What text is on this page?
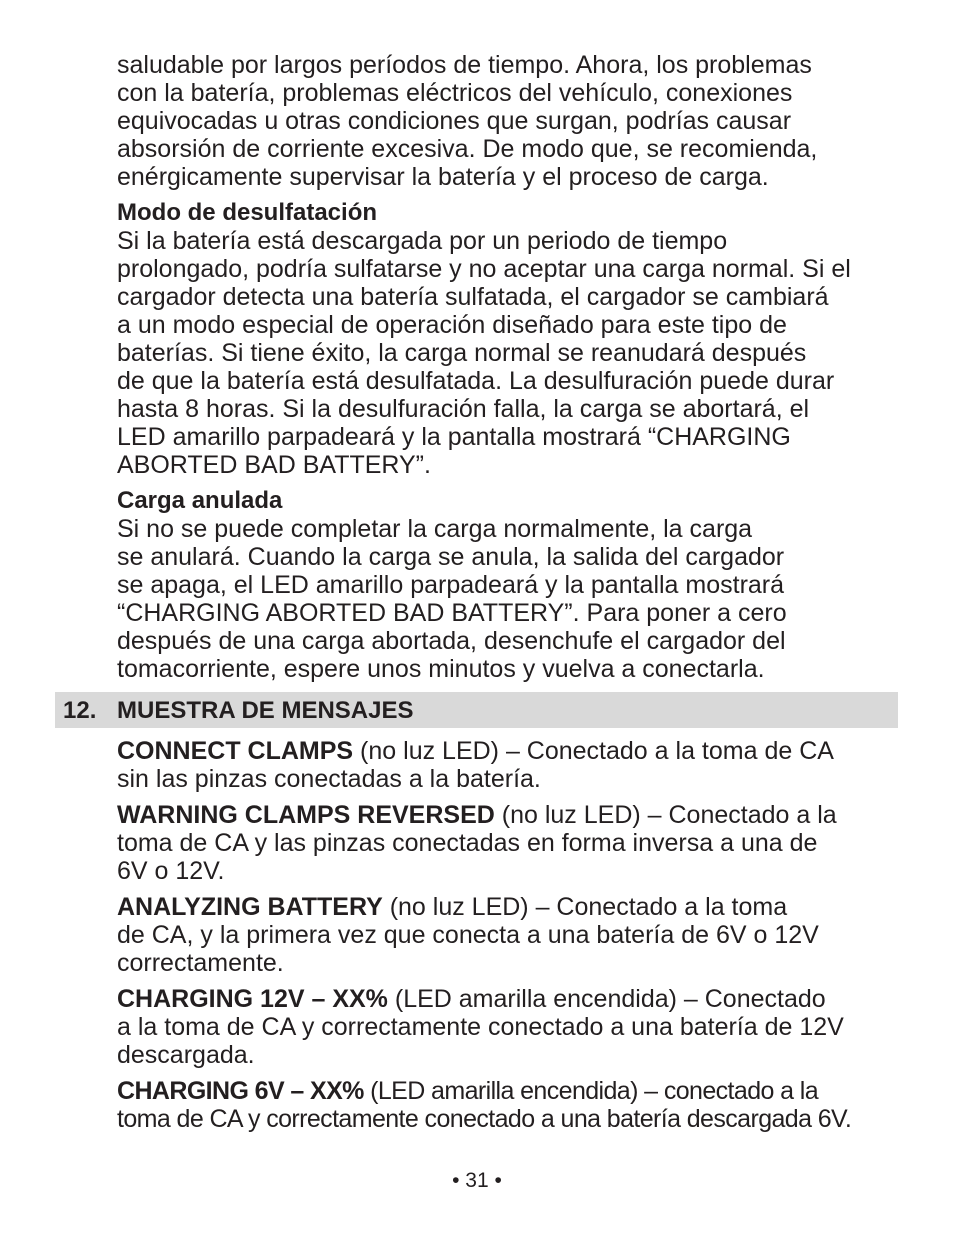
saludable por largos períodos de tiempo. Ahora, los problemas

con la batería, problemas eléctricos del vehículo, conexiones

equivocadas u otras condiciones que surgan, podrías causar

absorsión de corriente excesiva. De modo que, se recomienda,

enérgicamente supervisar la batería y el proceso de carga.

Modo de desulfatación

Si la batería está descargada por un periodo de tiempo

prolongado, podría sulfatarse y no aceptar una carga normal. Si el

cargador detecta una batería sulfatada, el cargador se cambiará

a un modo especial de operación diseñado para este tipo de

baterías. Si tiene éxito, la carga normal se reanudará después

de que la batería está desulfatada. La desulfuración puede durar

hasta 8 horas. Si la desulfuración falla, la carga se abortará, el

LED amarillo parpadeará y la pantalla mostrará “CHARGING

ABORTED BAD BATTERY”.

Carga anulada

Si no se puede completar la carga normalmente, la carga

se anulará. Cuando la carga se anula, la salida del cargador

se apaga, el LED amarillo parpadeará y la pantalla mostrará

“CHARGING ABORTED BAD BATTERY”. Para poner a cero

después de una carga abortada, desenchufe el cargador del

tomacorriente, espere unos minutos y vuelva a conectarla.

12. MUESTRA DE MENSAJES

CONNECT CLAMPS (no luz LED) – Conectado a la toma de CA

sin las pinzas conectadas a la batería.

WARNING CLAMPS REVERSED (no luz LED) – Conectado a la

toma de CA y las pinzas conectadas en forma inversa a una de

6V o 12V.

ANALYZING BATTERY (no luz LED) – Conectado a la toma

de CA, y la primera vez que conecta a una batería de 6V o 12V

correctamente.

CHARGING 12V – XX% (LED amarilla encendida) – Conectado

a la toma de CA y correctamente conectado a una batería de 12V

descargada.

CHARGING 6V – XX% (LED amarilla encendida) – conectado a la

toma de CA y correctamente conectado a una batería descargada 6V.

• 31 •
